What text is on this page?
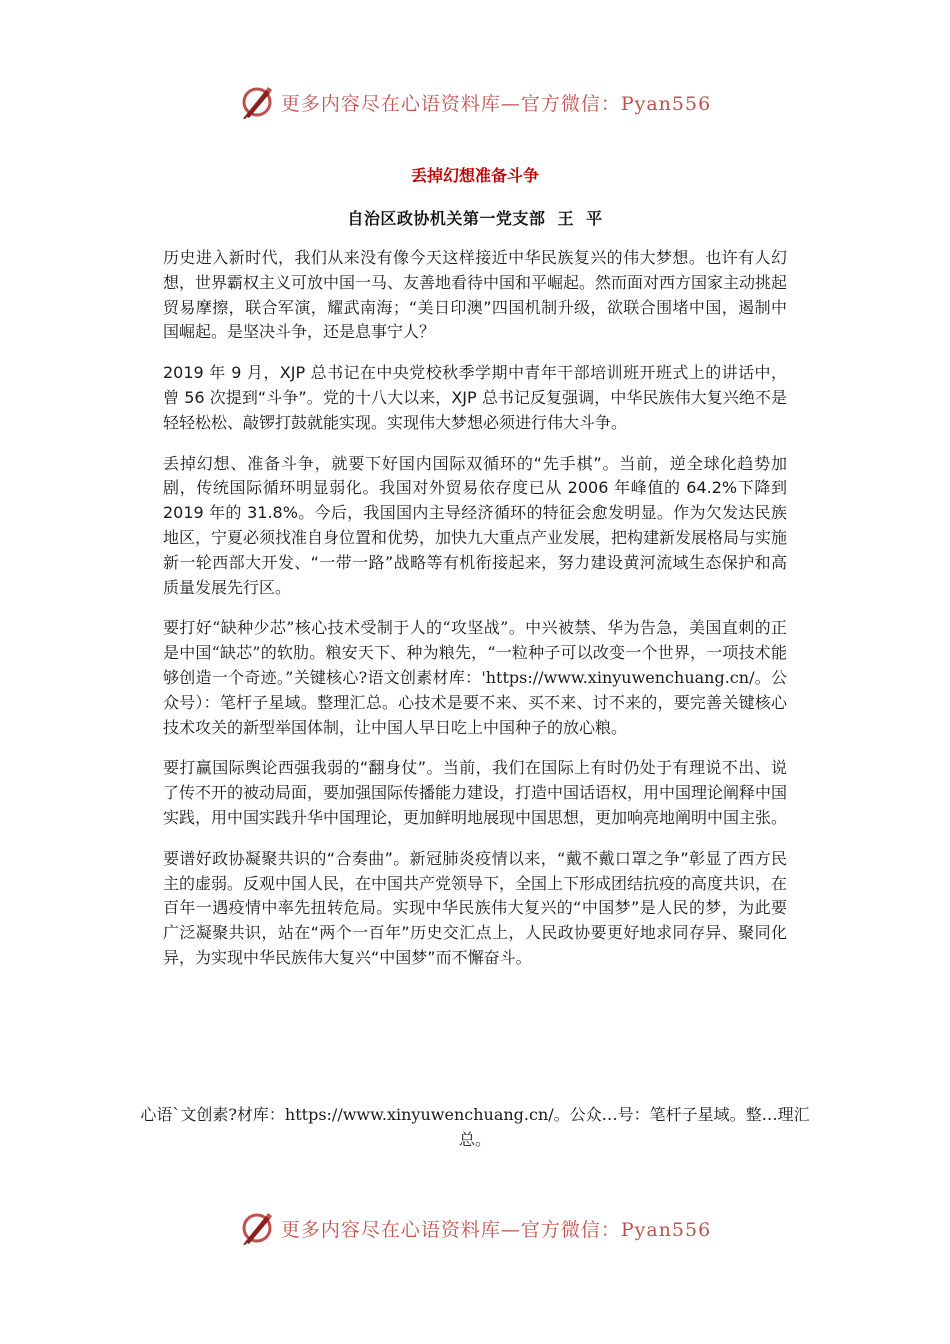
更多内容尽在心语资料库—官方微信：Pyan556
丢掉幻想准备斗争
自治区政协机关第一党支部  王  平

历史进入新时代，我们从来没有像今天这样接近中华民族复兴的伟大梦想。也许有人幻想，世界霸权主义可放中国一马、友善地看待中国和平崛起。然而面对西方国家主动挑起贸易摩擦，联合军演，耀武南海；“美日印澳”四国机制升级，欲联合围堵中国，遏制中国崛起。是坚决斗争，还是息事宁人？

2019 年 9 月，XJP 总书记在中央党校秋季学期中青年干部培训班开班式上的讲话中，曾 56 次提到“斗争”。党的十八大以来，XJP 总书记反复强调，中华民族伟大复兴绝不是轻轻松松、敲锣打鼓就能实现。实现伟大梦想必须进行伟大斗争。

丢掉幻想、准备斗争，就要下好国内国际双循环的“先手棋”。当前，逆全球化趋势加剧，传统国际循环明显弱化。我国对外贸易依存度已从 2006 年峰值的 64.2%下降到 2019 年的 31.8%。今后，我国国内主导经济循环的特征会愈发明显。作为欠发达民族地区，宁夏必须找准自身位置和优势，加快九大重点产业发展，把构建新发展格局与实施新一轮西部大开发、“一带一路”战略等有机衔接起来，努力建设黄河流域生态保护和高质量发展先行区。

要打好“缺种少芯”核心技术受制于人的“攻坚战”。中兴被禁、华为告急，美国直刺的正是中国“缺芯”的软肋。粮安天下、种为粮先，“一粒种子可以改变一个世界，一项技术能够创造一个奇迹。”关键核心?语文创素材库：'https://www.xinyuwenchuang.cn/。公众号）：笔杆子星域。整理汇总。心技术是要不来、买不来、讨不来的，要完善关键核心技术攻关的新型举国体制，让中国人早日吃上中国种子的放心粮。

要打赢国际舆论西强我弱的“翻身仗”。当前，我们在国际上有时仍处于有理说不出、说了传不开的被动局面，要加强国际传播能力建设，打造中国话语权，用中国理论阐释中国实践，用中国实践升华中国理论，更加鲜明地展现中国思想，更加响亮地阐明中国主张。

要谱好政协凝聚共识的“合奏曲”。新冠肺炎疫情以来，“戴不戴口罩之争”彰显了西方民主的虚弱。反观中国人民，在中国共产党领导下，全国上下形成团结抗疫的高度共识，在百年一遇疫情中率先扭转危局。实现中华民族伟大复兴的“中国梦”是人民的梦，为此要广泛凝聚共识，站在“两个一百年”历史交汇点上，人民政协要更好地求同存异、聚同化异，为实现中华民族伟大复兴“中国梦”而不懈奋斗。

心语`文创素?材库：https://www.xinyuwenchuang.cn/。公众…号：笔杆子星域。整…理汇总。
更多内容尽在心语资料库—官方微信：Pyan556
